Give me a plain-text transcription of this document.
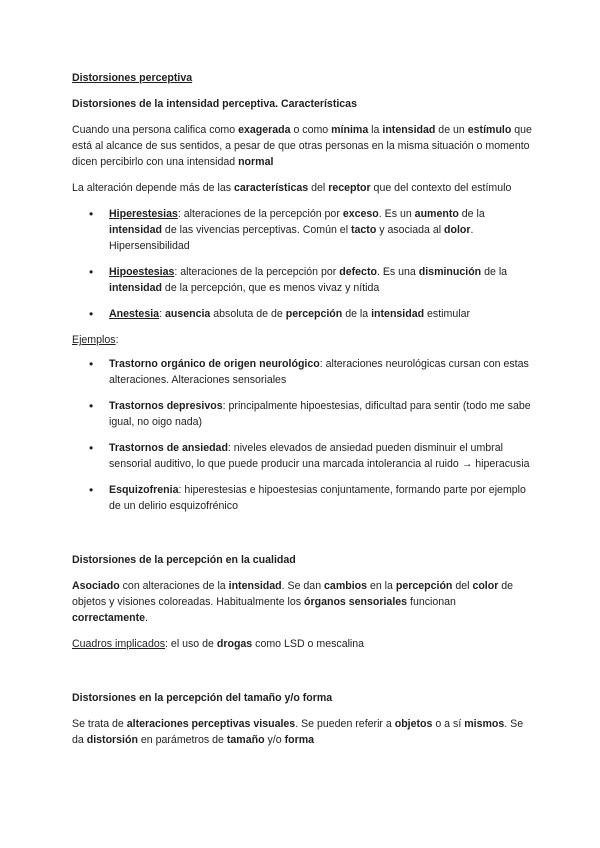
Distorsiones perceptiva
Distorsiones de la intensidad perceptiva. Características

Cuando una persona califica como exagerada o como mínima la intensidad de un estímulo que está al alcance de sus sentidos, a pesar de que otras personas en la misma situación o momento dicen percibirlo con una intensidad normal

La alteración depende más de las características del receptor que del contexto del estímulo

• Hiperestesias: alteraciones de la percepción por exceso. Es un aumento de la intensidad de las vivencias perceptivas. Común el tacto y asociada al dolor. Hipersensibilidad
• Hipoestesias: alteraciones de la percepción por defecto. Es una disminución de la intensidad de la percepción, que es menos vivaz y nítida
• Anestesia: ausencia absoluta de de percepción de la intensidad estimular

Ejemplos:

• Trastorno orgánico de origen neurológico: alteraciones neurológicas cursan con estas alteraciones. Alteraciones sensoriales
• Trastornos depresivos: principalmente hipoestesias, dificultad para sentir (todo me sabe igual, no oigo nada)
• Trastornos de ansiedad: niveles elevados de ansiedad pueden disminuir el umbral sensorial auditivo, lo que puede producir una marcada intolerancia al ruido → hiperacusia
• Esquizofrenia: hiperestesias e hipoestesias conjuntamente, formando parte por ejemplo de un delirio esquizofrénico
Distorsiones de la percepción en la cualidad

Asociado con alteraciones de la intensidad. Se dan cambios en la percepción del color de objetos y visiones coloreadas. Habitualmente los órganos sensoriales funcionan correctamente.

Cuadros implicados: el uso de drogas como LSD o mescalina

Distorsiones en la percepción del tamaño y/o forma

Se trata de alteraciones perceptivas visuales. Se pueden referir a objetos o a sí mismos. Se da distorsión en parámetros de tamaño y/o forma
